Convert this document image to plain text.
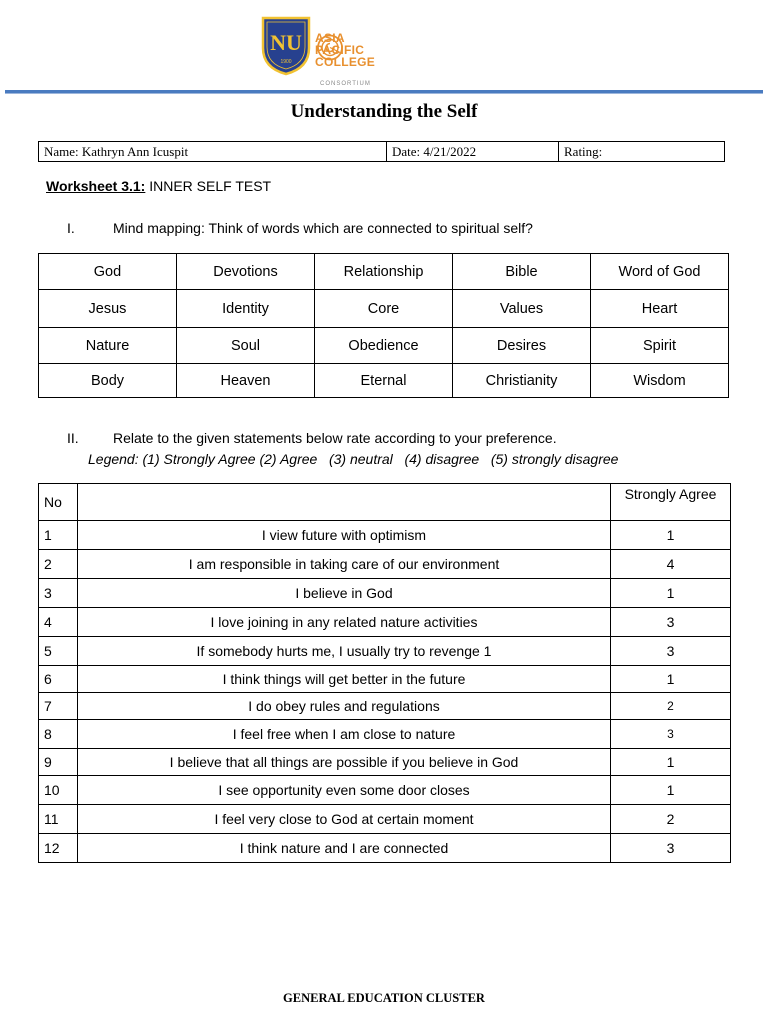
NU
1900
ASIA
PACIFIC
COLLEGE
CONSORTIUM
Understanding the Self
Name: Kathryn Ann Icuspit	Date: 4/21/2022	Rating:
Worksheet 3.1: INNER SELF TEST
I.	Mind mapping: Think of words which are connected to spiritual self?
God	Devotions	Relationship	Bible	Word of God
Jesus	Identity	Core	Values	Heart
Nature	Soul	Obedience	Desires	Spirit
Body	Heaven	Eternal	Christianity	Wisdom
II. Relate to the given statements below rate according to your preference.
Legend: (1) Strongly Agree (2) Agree   (3) neutral   (4) disagree   (5) strongly disagree
No		Strongly Agree
1	I view future with optimism	1
2	I am responsible in taking care of our environment	4
3	I believe in God	1
4	I love joining in any related nature activities	3
5	If somebody hurts me, I usually try to revenge 1	3
6	I think things will get better in the future	1
7	I do obey rules and regulations	2
8	I feel free when I am close to nature	3
9	I believe that all things are possible if you believe in God	1
10	I see opportunity even some door closes	1
11	I feel very close to God at certain moment	2
12	I think nature and I are connected	3
GENERAL EDUCATION CLUSTER
